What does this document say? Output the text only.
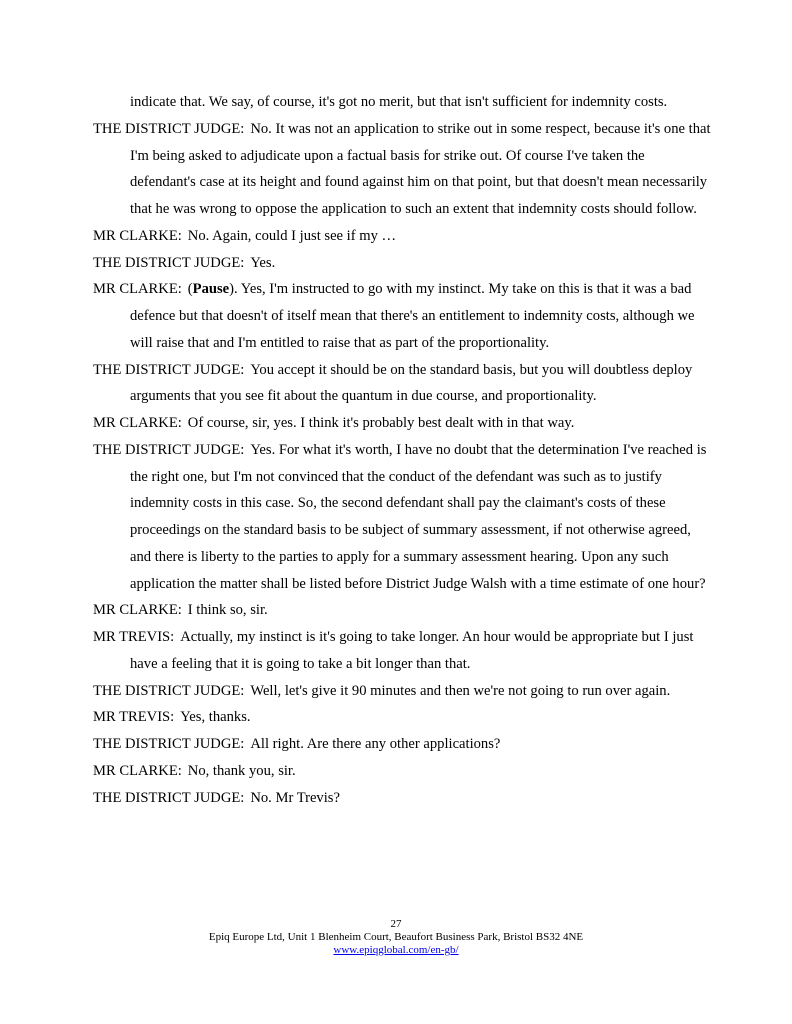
indicate that. We say, of course, it's got no merit, but that isn't sufficient for indemnity costs.

THE DISTRICT JUDGE: No. It was not an application to strike out in some respect, because it's one that I'm being asked to adjudicate upon a factual basis for strike out. Of course I've taken the defendant's case at its height and found against him on that point, but that doesn't mean necessarily that he was wrong to oppose the application to such an extent that indemnity costs should follow.

MR CLARKE: No. Again, could I just see if my …

THE DISTRICT JUDGE: Yes.

MR CLARKE: (Pause). Yes, I'm instructed to go with my instinct. My take on this is that it was a bad defence but that doesn't of itself mean that there's an entitlement to indemnity costs, although we will raise that and I'm entitled to raise that as part of the proportionality.

THE DISTRICT JUDGE: You accept it should be on the standard basis, but you will doubtless deploy arguments that you see fit about the quantum in due course, and proportionality.

MR CLARKE: Of course, sir, yes. I think it's probably best dealt with in that way.

THE DISTRICT JUDGE: Yes. For what it's worth, I have no doubt that the determination I've reached is the right one, but I'm not convinced that the conduct of the defendant was such as to justify indemnity costs in this case. So, the second defendant shall pay the claimant's costs of these proceedings on the standard basis to be subject of summary assessment, if not otherwise agreed, and there is liberty to the parties to apply for a summary assessment hearing. Upon any such application the matter shall be listed before District Judge Walsh with a time estimate of one hour?

MR CLARKE: I think so, sir.

MR TREVIS: Actually, my instinct is it's going to take longer. An hour would be appropriate but I just have a feeling that it is going to take a bit longer than that.

THE DISTRICT JUDGE: Well, let's give it 90 minutes and then we're not going to run over again.

MR TREVIS: Yes, thanks.

THE DISTRICT JUDGE: All right. Are there any other applications?

MR CLARKE: No, thank you, sir.

THE DISTRICT JUDGE: No. Mr Trevis?

27
Epiq Europe Ltd, Unit 1 Blenheim Court, Beaufort Business Park, Bristol BS32 4NE
www.epiqglobal.com/en-gb/
